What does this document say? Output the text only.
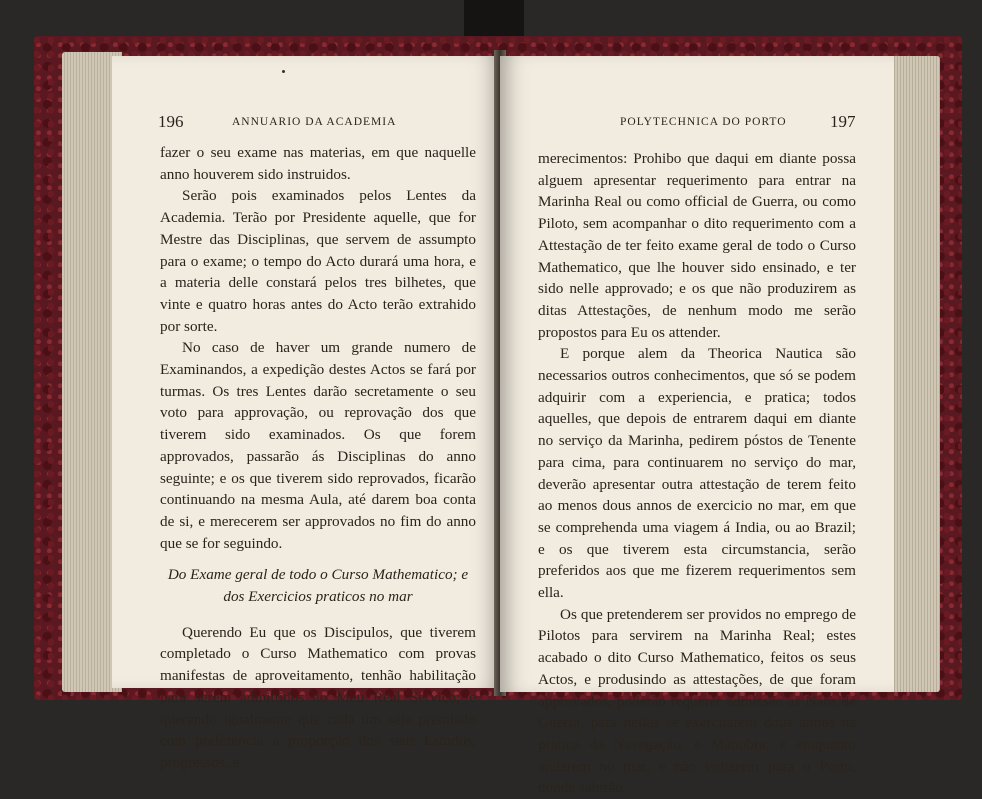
196	ANNUARIO DA ACADEMIA

fazer o seu exame nas materias, em que naquelle anno houverem sido instruidos.

Serão pois examinados pelos Lentes da Academia. Terão por Presidente aquelle, que for Mestre das Disciplinas, que servem de assumpto para o exame; o tempo do Acto durará uma hora, e a materia delle constará pelos tres bilhetes, que vinte e quatro horas antes do Acto terão extrahido por sorte.

No caso de haver um grande numero de Examinandos, a expedição destes Actos se fará por turmas. Os tres Lentes darão secretamente o seu voto para approvação, ou reprovação dos que tiverem sido examinados. Os que forem approvados, passarão ás Disciplinas do anno seguinte; e os que tiverem sido reprovados, ficarão continuando na mesma Aula, até darem boa conta de si, e merecerem ser approvados no fim do anno que se for seguindo.

Do Exame geral de todo o Curso Mathematico; e dos Exercicios praticos no mar

Querendo Eu que os Discipulos, que tiverem completado o Curso Mathematico com provas manifestas de aproveitamento, tenhão habilitação para serem admittidos ao Meu Real Serviço; e querendo igualmente que cada um seja premiado com preferencia á proporção dos seus Estudos, progressos, e

POLYTECHNICA DO PORTO	197

merecimentos: Prohibo que daqui em diante possa alguem apresentar requerimento para entrar na Marinha Real ou como official de Guerra, ou como Piloto, sem acompanhar o dito requerimento com a Attestação de ter feito exame geral de todo o Curso Mathematico, que lhe houver sido ensinado, e ter sido nelle approvado; e os que não produzirem as ditas Attestações, de nenhum modo me serão propostos para Eu os attender.

E porque alem da Theorica Nautica são necessarios outros conhecimentos, que só se podem adquirir com a experiencia, e pratica; todos aquelles, que depois de entrarem daqui em diante no serviço da Marinha, pedirem póstos de Tenente para cima, para continuarem no serviço do mar, deverão apresentar outra attestação de terem feito ao menos dous annos de exercicio no mar, em que se comprehenda uma viagem á India, ou ao Brazil; e os que tiverem esta circumstancia, serão preferidos aos que me fizerem requerimentos sem ella.

Os que pretenderem ser providos no emprego de Pilotos para servirem na Marinha Real; estes acabado o dito Curso Mathematico, feitos os seus Actos, e produsindo as attestações, de que foram approvados, poderão requerer admissão ás Náos de Guerra, para nellas se exercitarem dous annos na pratica da Navegação, e Manobra; e emquanto andarem no mar, e não voltarem para o Porto, donde sahirão,
